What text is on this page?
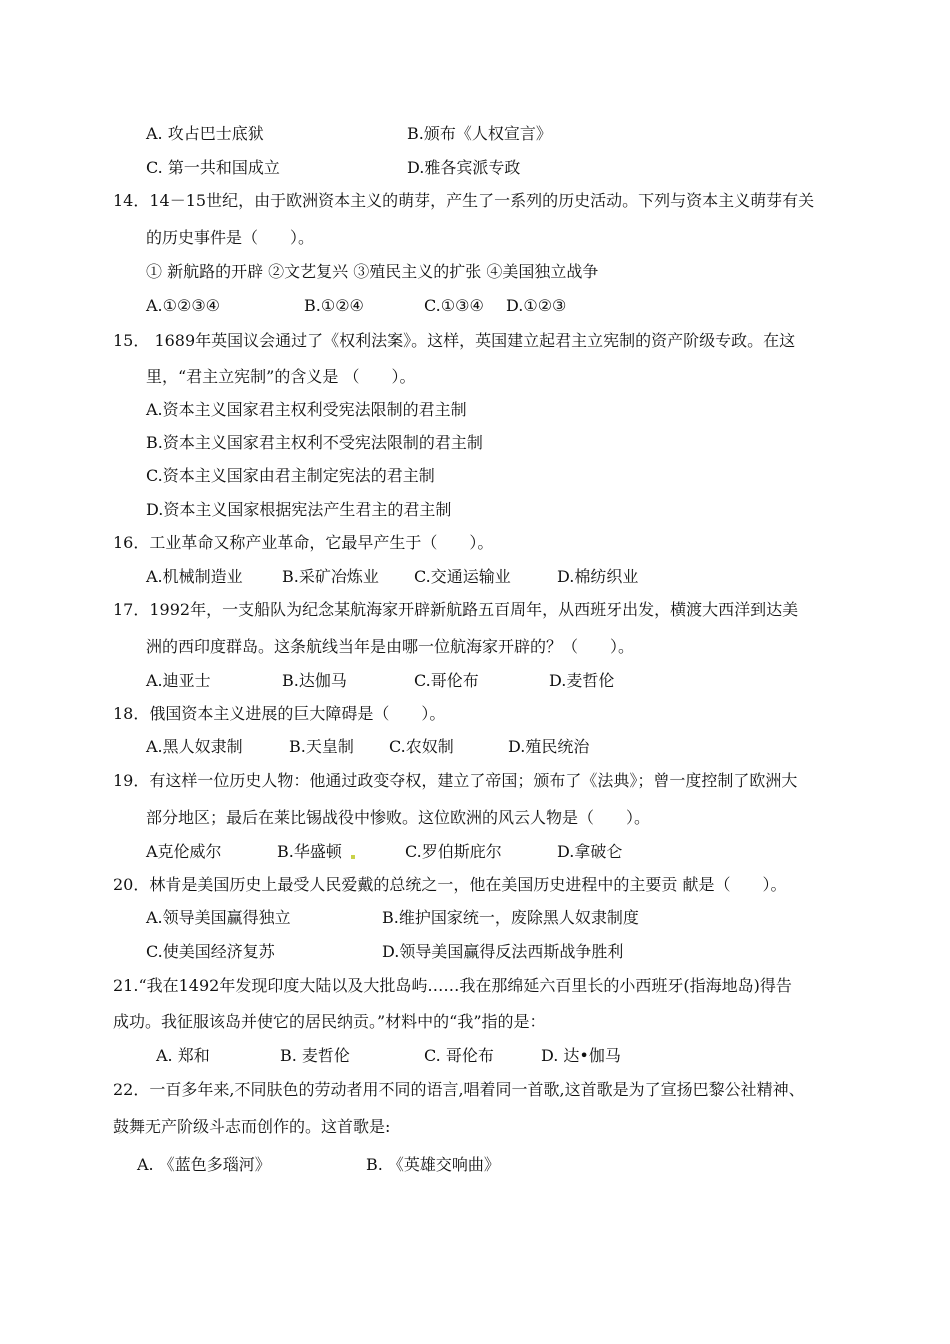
A. 攻占巴士底狱	B.颁布《人权宣言》
C. 第一共和国成立	D.雅各宾派专政
14．14－15世纪，由于欧洲资本主义的萌芽，产生了一系列的历史活动。下列与资本主义萌芽有关
的历史事件是（　　）。
① 新航路的开辟 ②文艺复兴 ③殖民主义的扩张 ④美国独立战争
A.①②③④	B.①②④	C.①③④ D.①②③
15． 1689年英国议会通过了《权利法案》。这样，英国建立起君主立宪制的资产阶级专政。在这
里，“君主立宪制”的含义是 （　　）。
A.资本主义国家君主权利受宪法限制的君主制
B.资本主义国家君主权利不受宪法限制的君主制
C.资本主义国家由君主制定宪法的君主制
D.资本主义国家根据宪法产生君主的君主制
16．工业革命又称产业革命，它最早产生于（　　）。
A.机械制造业 B.采矿冶炼业 C.交通运输业	D.棉纺织业
17．1992年，一支船队为纪念某航海家开辟新航路五百周年，从西班牙出发，横渡大西洋到达美
洲的西印度群岛。这条航线当年是由哪一位航海家开辟的？（　　）。
A.迪亚士	B.达伽马	C.哥伦布	D.麦哲伦
18．俄国资本主义进展的巨大障碍是（　　）。
A.黑人奴隶制	B.天皇制 C.农奴制	D.殖民统治
19．有这样一位历史人物：他通过政变夺权，建立了帝国；颁布了《法典》；曾一度控制了欧洲大
部分地区；最后在莱比锡战役中惨败。这位欧洲的风云人物是（　　）。
A克伦威尔	B.华盛顿	C.罗伯斯庇尔	D.拿破仑
20．林肯是美国历史上最受人民爱戴的总统之一，他在美国历史进程中的主要贡 献是（　　）。
A.领导美国赢得独立	B.维护国家统一，废除黑人奴隶制度
C.使美国经济复苏	D.领导美国赢得反法西斯战争胜利
21.“我在1492年发现印度大陆以及大批岛屿……我在那绵延六百里长的小西班牙(指海地岛)得告
成功。我征服该岛并使它的居民纳贡。”材料中的“我”指的是：
A. 郑和	B. 麦哲伦	C. 哥伦布	D. 达•伽马
22．一百多年来,不同肤色的劳动者用不同的语言,唱着同一首歌,这首歌是为了宣扬巴黎公社精神、
鼓舞无产阶级斗志而创作的。这首歌是:
A. 《蓝色多瑙河》	B. 《英雄交响曲》
